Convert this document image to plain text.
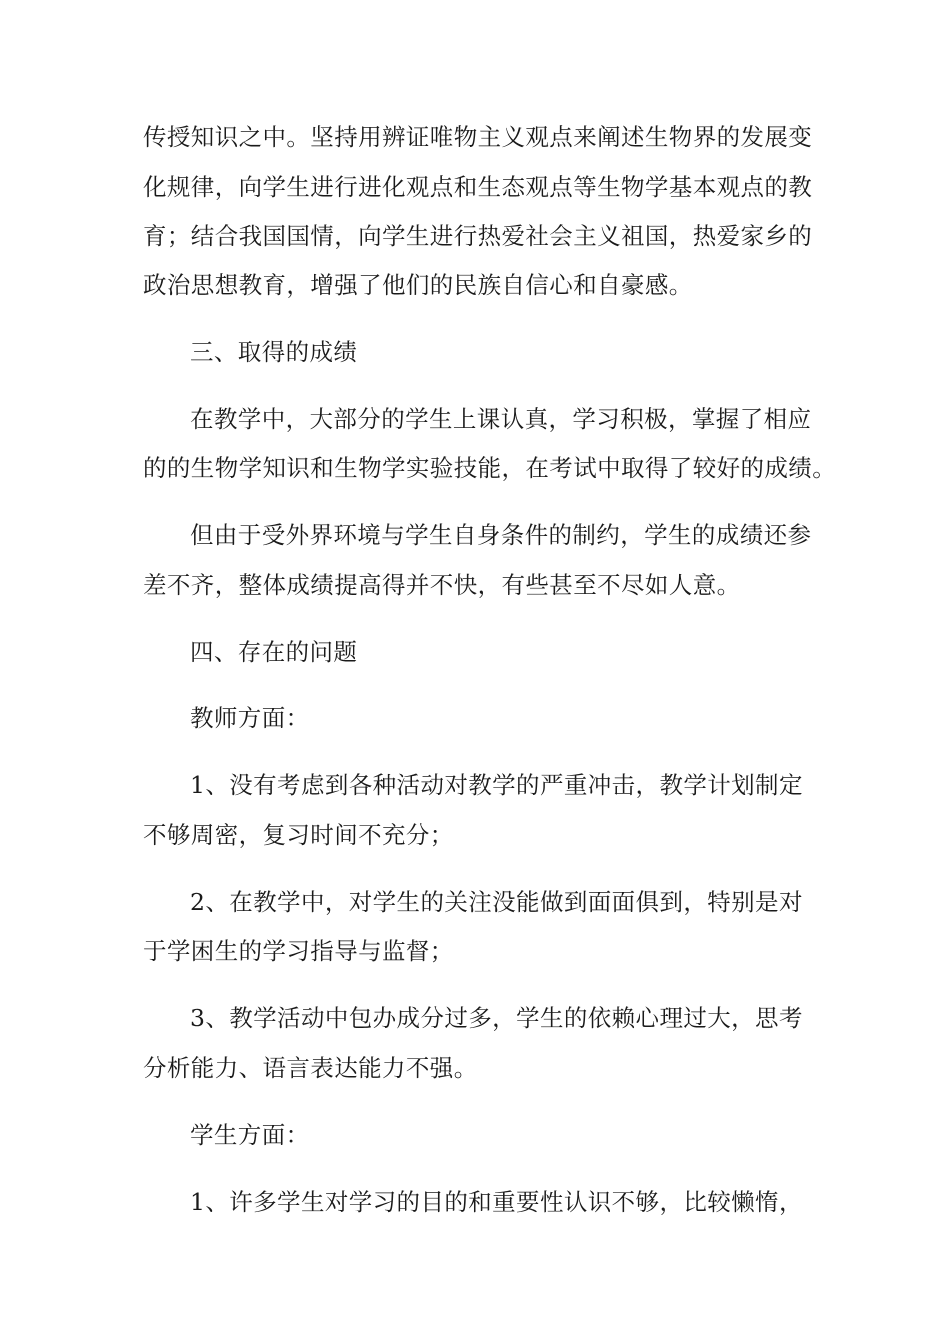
传授知识之中。坚持用辨证唯物主义观点来阐述生物界的发展变
化规律，向学生进行进化观点和生态观点等生物学基本观点的教
育；结合我国国情，向学生进行热爱社会主义祖国，热爱家乡的
政治思想教育，增强了他们的民族自信心和自豪感。
三、取得的成绩
在教学中，大部分的学生上课认真，学习积极，掌握了相应
的的生物学知识和生物学实验技能，在考试中取得了较好的成绩。
但由于受外界环境与学生自身条件的制约，学生的成绩还参
差不齐，整体成绩提高得并不快，有些甚至不尽如人意。
四、存在的问题
教师方面：
1、没有考虑到各种活动对教学的严重冲击，教学计划制定
不够周密，复习时间不充分；
2、在教学中，对学生的关注没能做到面面俱到，特别是对
于学困生的学习指导与监督；
3、教学活动中包办成分过多，学生的依赖心理过大，思考
分析能力、语言表达能力不强。
学生方面：
1、许多学生对学习的目的和重要性认识不够，比较懒惰，
